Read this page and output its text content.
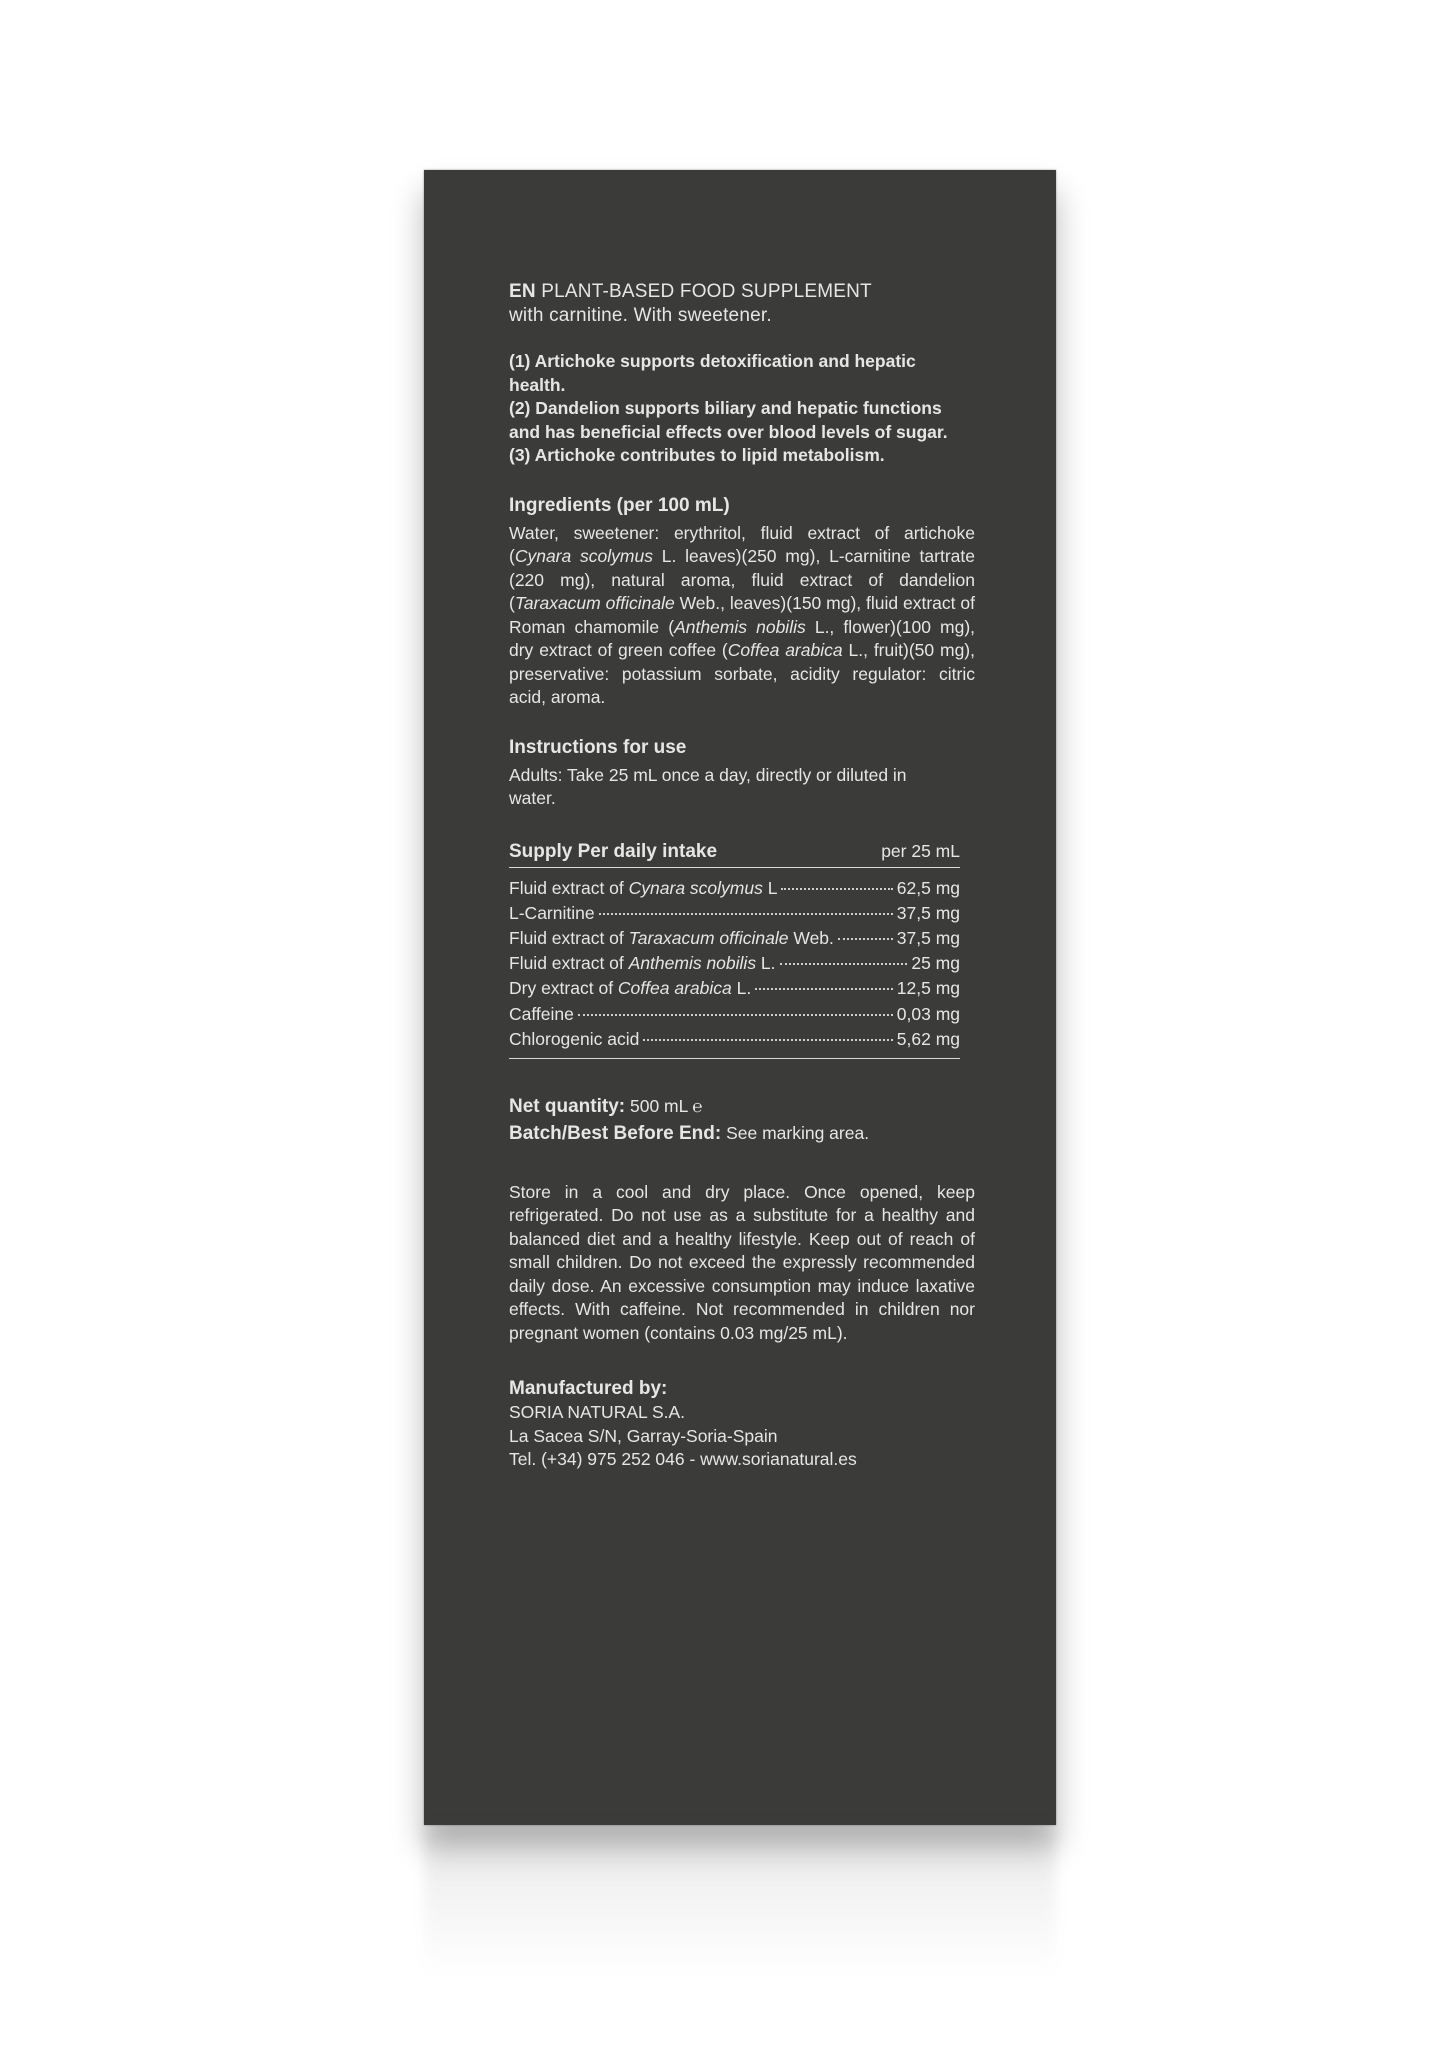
EN PLANT-BASED FOOD SUPPLEMENT

with carnitine. With sweetener.

(1) Artichoke supports detoxification and hepatic health.
(2) Dandelion supports biliary and hepatic functions and has beneficial effects over blood levels of sugar.
(3) Artichoke contributes to lipid metabolism.
Ingredients (per 100 mL)

Water, sweetener: erythritol, fluid extract of artichoke (Cynara scolymus L. leaves)(250 mg), L-carnitine tartrate (220 mg), natural aroma, fluid extract of dandelion (Taraxacum officinale Web., leaves)(150 mg), fluid extract of Roman chamomile (Anthemis nobilis L., flower)(100 mg), dry extract of green coffee (Coffea arabica L., fruit)(50 mg), preservative: potassium sorbate, acidity regulator: citric acid, aroma.

Instructions for use

Adults: Take 25 mL once a day, directly or diluted in water.

Supply Per daily intake	per 25 mL
Fluid extract of Cynara scolymus L	62,5 mg
L-Carnitine	37,5 mg
Fluid extract of Taraxacum officinale Web.	37,5 mg
Fluid extract of Anthemis nobilis L.	25 mg
Dry extract of Coffea arabica L.	12,5 mg
Caffeine	0,03 mg
Chlorogenic acid	5,62 mg
Net quantity: 500 mL ℮
Batch/Best Before End: See marking area.

Store in a cool and dry place. Once opened, keep refrigerated. Do not use as a substitute for a healthy and balanced diet and a healthy lifestyle. Keep out of reach of small children. Do not exceed the expressly recommended daily dose. An excessive consumption may induce laxative effects. With caffeine. Not recommended in children nor pregnant women (contains 0.03 mg/25 mL).

Manufactured by:

SORIA NATURAL S.A.

La Sacea S/N, Garray-Soria-Spain

Tel. (+34) 975 252 046 - www.sorianatural.es
